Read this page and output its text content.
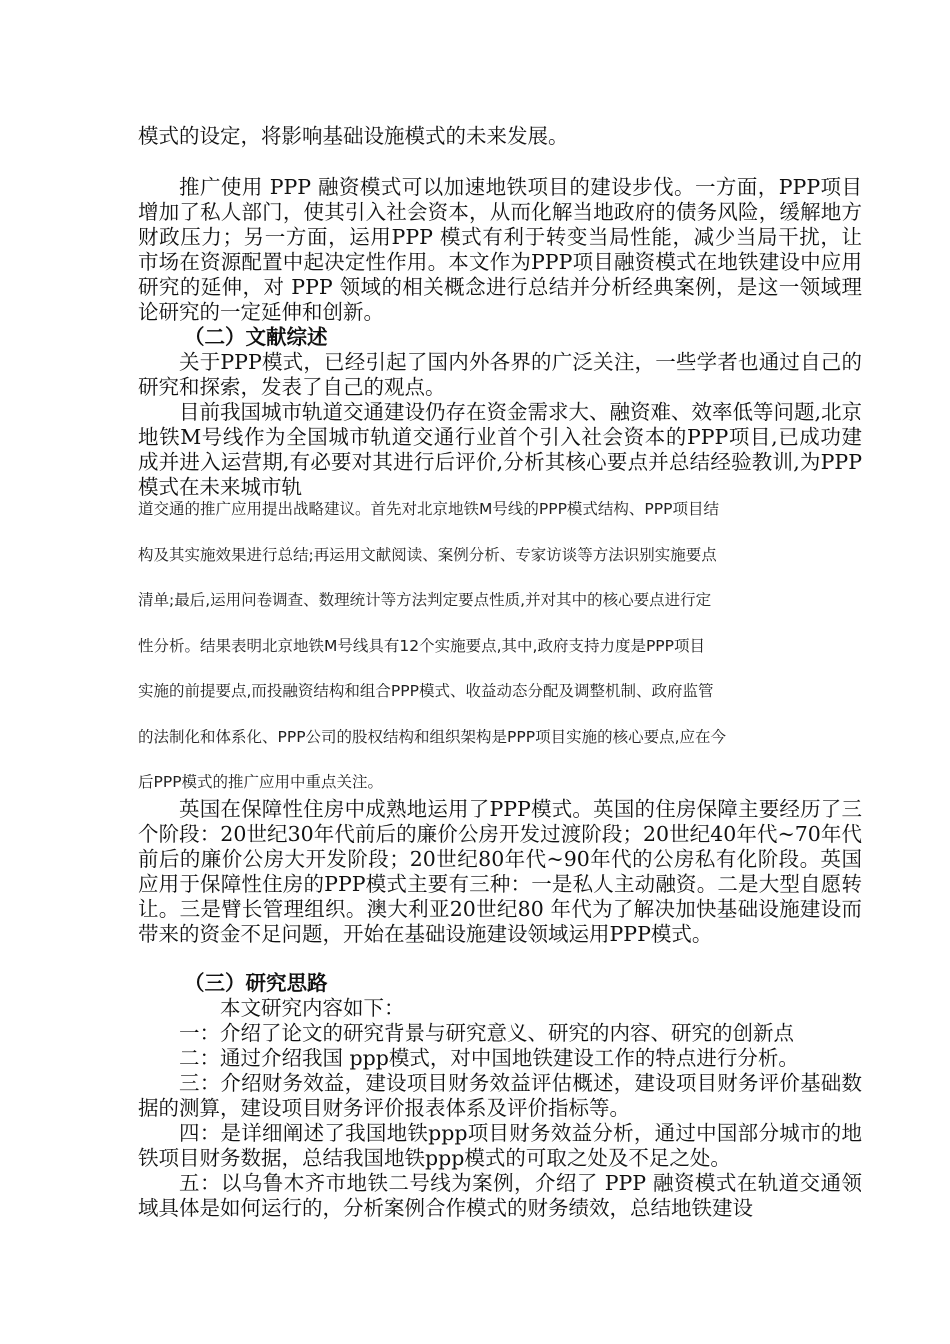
模式的设定，将影响基础设施模式的未来发展。

推广使用 PPP 融资模式可以加速地铁项目的建设步伐。一方面，PPP项目增加了私人部门，使其引入社会资本，从而化解当地政府的债务风险，缓解地方财政压力；另一方面，运用PPP 模式有利于转变当局性能，减少当局干扰，让市场在资源配置中起决定性作用。本文作为PPP项目融资模式在地铁建设中应用研究的延伸，对 PPP 领域的相关概念进行总结并分析经典案例，是这一领域理论研究的一定延伸和创新。

（二）文献综述

关于PPP模式，已经引起了国内外各界的广泛关注，一些学者也通过自己的研究和探索，发表了自己的观点。

目前我国城市轨道交通建设仍存在资金需求大、融资难、效率低等问题,北京地铁M号线作为全国城市轨道交通行业首个引入社会资本的PPP项目,已成功建成并进入运营期,有必要对其进行后评价,分析其核心要点并总结经验教训,为PPP模式在未来城市轨

道交通的推广应用提出战略建议。首先对北京地铁M号线的PPP模式结构、PPP项目结

构及其实施效果进行总结;再运用文献阅读、案例分析、专家访谈等方法识别实施要点

清单;最后,运用问卷调查、数理统计等方法判定要点性质,并对其中的核心要点进行定

性分析。结果表明北京地铁M号线具有12个实施要点,其中,政府支持力度是PPP项目

实施的前提要点,而投融资结构和组合PPP模式、收益动态分配及调整机制、政府监管

的法制化和体系化、PPP公司的股权结构和组织架构是PPP项目实施的核心要点,应在今

后PPP模式的推广应用中重点关注。

英国在保障性住房中成熟地运用了PPP模式。英国的住房保障主要经历了三个阶段：20世纪30年代前后的廉价公房开发过渡阶段；20世纪40年代~70年代前后的廉价公房大开发阶段；20世纪80年代~90年代的公房私有化阶段。英国应用于保障性住房的PPP模式主要有三种：一是私人主动融资。二是大型自愿转让。三是臂长管理组织。澳大利亚20世纪80 年代为了解决加快基础设施建设而带来的资金不足问题，开始在基础设施建设领域运用PPP模式。

（三）研究思路

本文研究内容如下：

一：介绍了论文的研究背景与研究意义、研究的内容、研究的创新点

二：通过介绍我国 ppp模式，对中国地铁建设工作的特点进行分析。

三：介绍财务效益，建设项目财务效益评估概述，建设项目财务评价基础数据的测算，建设项目财务评价报表体系及评价指标等。

四：是详细阐述了我国地铁ppp项目财务效益分析，通过中国部分城市的地铁项目财务数据，总结我国地铁ppp模式的可取之处及不足之处。

五：以乌鲁木齐市地铁二号线为案例，介绍了 PPP 融资模式在轨道交通领域具体是如何运行的，分析案例合作模式的财务绩效，总结地铁建设
